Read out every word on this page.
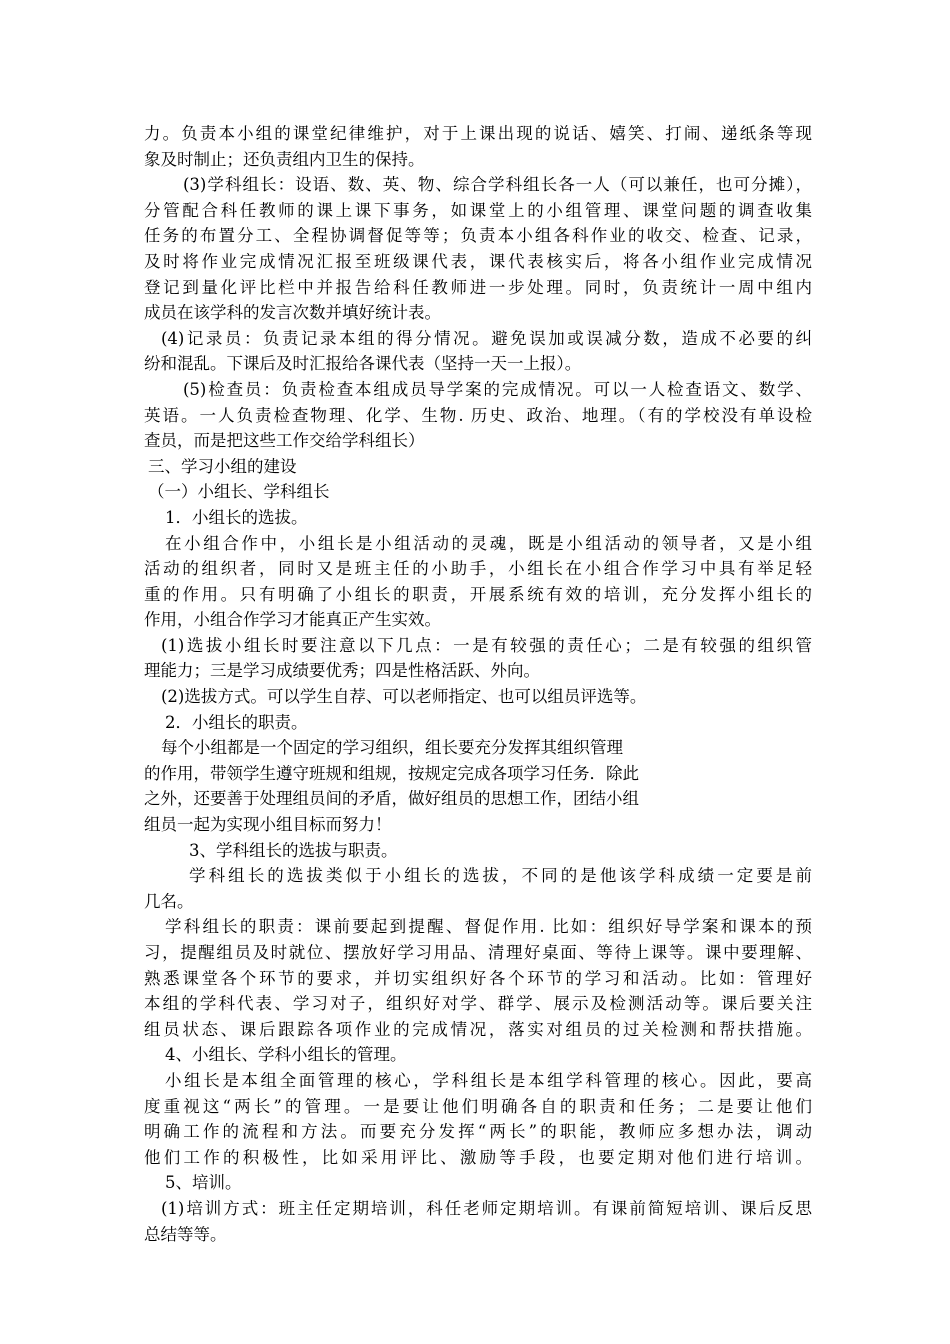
力。负责本小组的课堂纪律维护，对于上课出现的说话、嬉笑、打闹、递纸条等现
象及时制止；还负责组内卫生的保持。
(3)学科组长：设语、数、英、物、综合学科组长各一人（可以兼任，也可分摊），
分管配合科任教师的课上课下事务，如课堂上的小组管理、课堂问题的调查收集
任务的布置分工、全程协调督促等等；负责本小组各科作业的收交、检查、记录，
及时将作业完成情况汇报至班级课代表，课代表核实后，将各小组作业完成情况
登记到量化评比栏中并报告给科任教师进一步处理。同时，负责统计一周中组内
成员在该学科的发言次数并填好统计表。
(4)记录员：负责记录本组的得分情况。避免误加或误减分数，造成不必要的纠
纷和混乱。下课后及时汇报给各课代表（坚持一天一上报）。
(5)检查员：负责检查本组成员导学案的完成情况。可以一人检查语文、数学、
英语。一人负责检查物理、化学、生物. 历史、政治、地理。（有的学校没有单设检
查员，而是把这些工作交给学科组长）
三、学习小组的建设
（一）小组长、学科组长
1．小组长的选拔。
在小组合作中，小组长是小组活动的灵魂，既是小组活动的领导者，又是小组
活动的组织者，同时又是班主任的小助手，小组长在小组合作学习中具有举足轻
重的作用。只有明确了小组长的职责，开展系统有效的培训，充分发挥小组长的
作用，小组合作学习才能真正产生实效。
(1)选拔小组长时要注意以下几点：一是有较强的责任心；二是有较强的组织管
理能力；三是学习成绩要优秀；四是性格活跃、外向。
(2)选拔方式。可以学生自荐、可以老师指定、也可以组员评选等。
2．小组长的职责。
每个小组都是一个固定的学习组织，组长要充分发挥其组织管理
的作用，带领学生遵守班规和组规，按规定完成各项学习任务．除此
之外，还要善于处理组员间的矛盾，做好组员的思想工作，团结小组
组员一起为实现小组目标而努力！
3、学科组长的选拔与职责。
学科组长的选拔类似于小组长的选拔，不同的是他该学科成绩一定要是前
几名。
学科组长的职责：课前要起到提醒、督促作用. 比如：组织好导学案和课本的预
习，提醒组员及时就位、摆放好学习用品、清理好桌面、等待上课等。课中要理解、
熟悉课堂各个环节的要求，并切实组织好各个环节的学习和活动。比如：管理好
本组的学科代表、学习对子，组织好对学、群学、展示及检测活动等。课后要关注
组员状态、课后跟踪各项作业的完成情况，落实对组员的过关检测和帮扶措施。
4、小组长、学科小组长的管理。
小组长是本组全面管理的核心，学科组长是本组学科管理的核心。因此，要高
度重视这“两长”的管理。一是要让他们明确各自的职责和任务；二是要让他们
明确工作的流程和方法。而要充分发挥“两长”的职能，教师应多想办法，调动
他们工作的积极性，比如采用评比、激励等手段，也要定期对他们进行培训。
5、培训。
(1)培训方式：班主任定期培训，科任老师定期培训。有课前简短培训、课后反思
总结等等。
